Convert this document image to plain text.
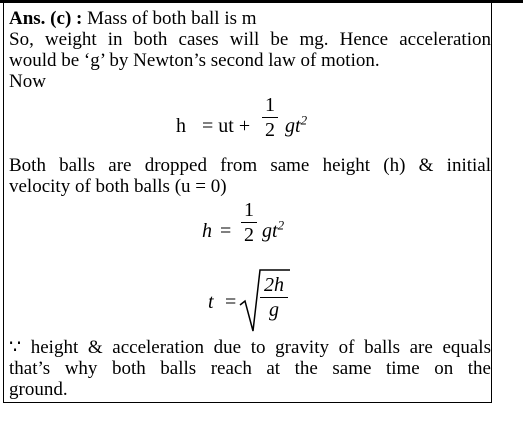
Ans. (c) : Mass of both ball is m
So, weight in both cases will be mg. Hence acceleration
would be ‘g’ by Newton’s second law of motion.
Now
h = ut +
1
2 $gt^2$
Both balls are dropped from same height (h) & initial
velocity of both balls (u = 0)
h =
1
2 $gt^2$
t =
2h
g
∵ height & acceleration due to gravity of balls are equals
that’s why both balls reach at the same time on the
ground.
